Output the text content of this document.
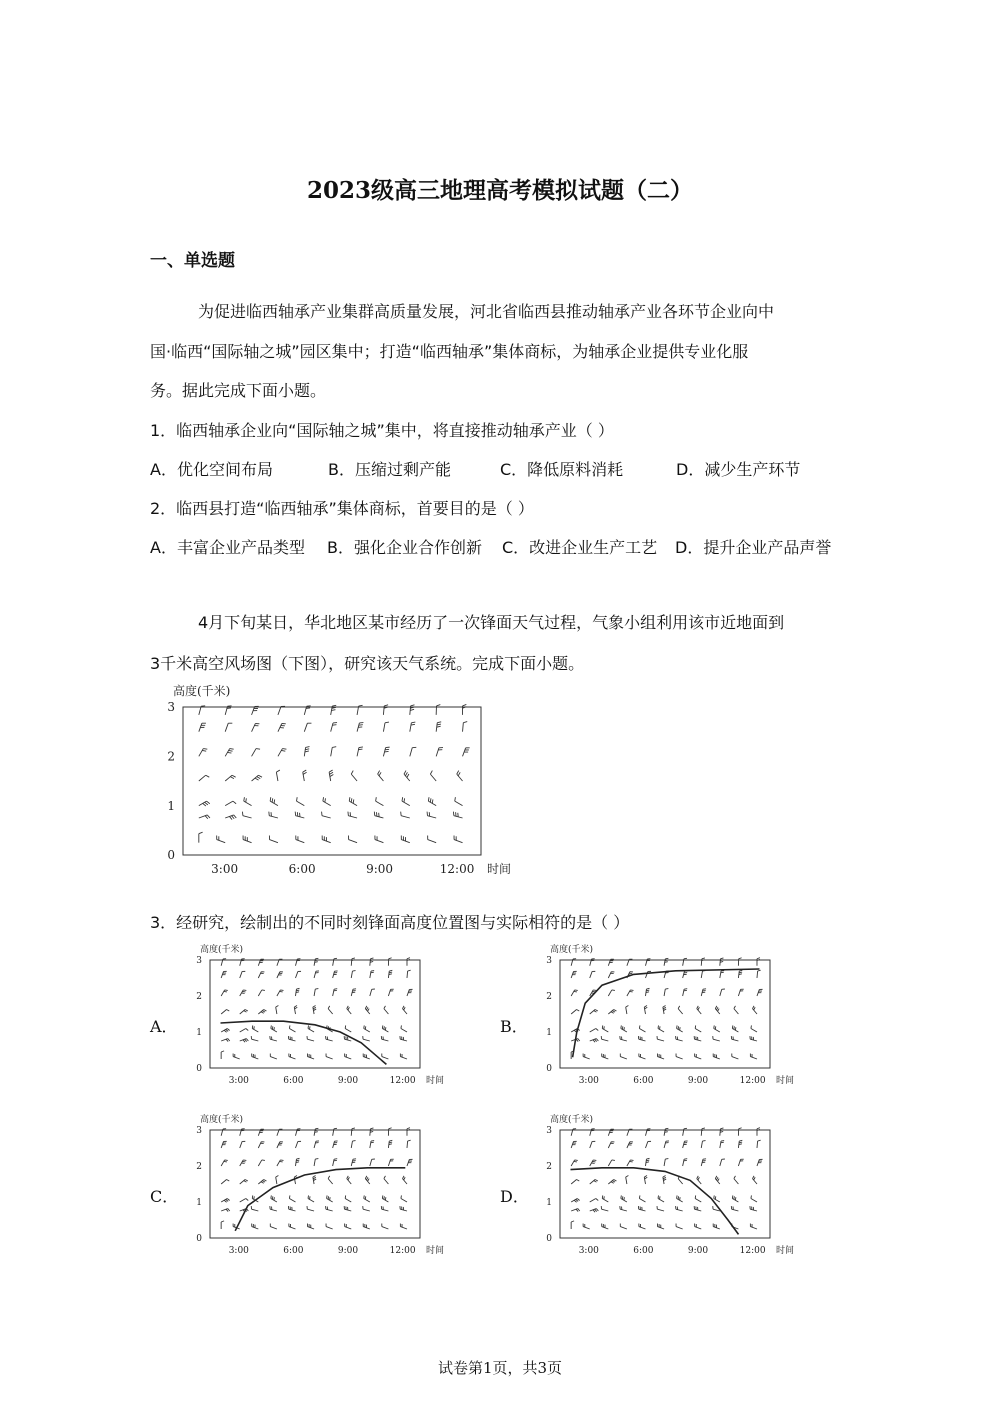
2023级高三地理高考模拟试题（二）
一、单选题
为促进临西轴承产业集群高质量发展，河北省临西县推动轴承产业各环节企业向中
国·临西“国际轴之城”园区集中；打造“临西轴承”集体商标，为轴承企业提供专业化服
务。据此完成下面小题。
1．临西轴承企业向“国际轴之城”集中，将直接推动轴承产业（ ）
A．优化空间布局	B．压缩过剩产能	C．降低原料消耗	D．减少生产环节
2．临西县打造“临西轴承”集体商标，首要目的是（ ）
A．丰富企业产品类型 B．强化企业合作创新 C．改进企业生产工艺 D．提升企业产品声誉
4月下旬某日，华北地区某市经历了一次锋面天气过程，气象小组利用该市近地面到
3千米高空风场图（下图），研究该天气系统。完成下面小题。
高度(千米)
0
1
2
3
3:00	6:00	9:00	12:00 时间
3．经研究，绘制出的不同时刻锋面高度位置图与实际相符的是（ ）
A．	B．
C．	D．
高度(千米)
0
1
2
3
3:00	6:00	9:00	12:00 时间
高度(千米)
0
1
2
3
3:00	6:00	9:00	12:00 时间
高度(千米)
0
1
2
3
3:00	6:00	9:00	12:00 时间
高度(千米)
0
1
2
3
3:00	6:00	9:00	12:00 时间
试卷第1页，共3页
